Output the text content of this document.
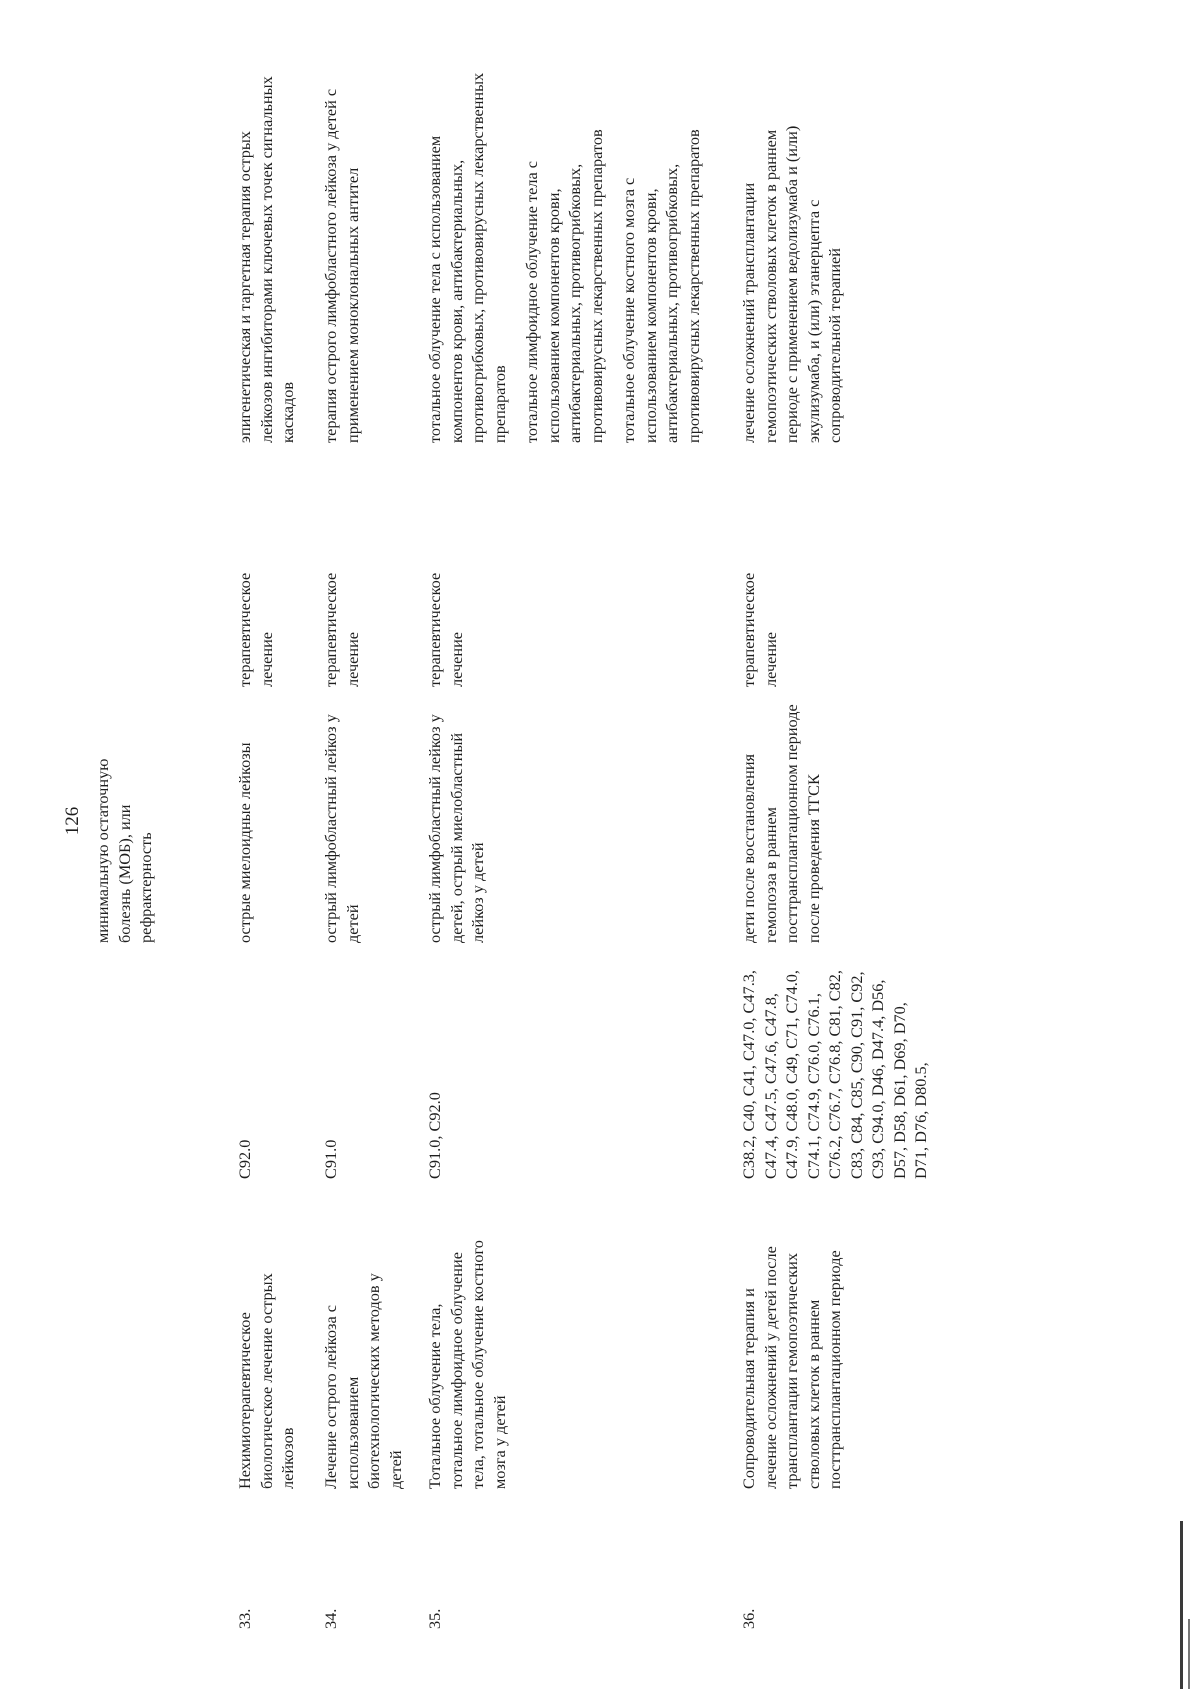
126 минимальную остаточную болезнь (МОБ), или рефрактерность
33.
Нехимиотерапевтическое биологическое лечение острых лейкозов
C92.0
острые миелоидные лейкозы
терапевтическое лечение

эпигенетическая и таргетная терапия острых лейкозов ингибиторами ключевых точек сигнальных каскадов

34.
Лечение острого лейкоза с использованием биотехнологических методов у детей
C91.0
острый лимфобластный лейкоз у детей
терапевтическое лечение

терапия острого лимфобластного лейкоза у детей с применением моноклональных антител

35.
Тотальное облучение тела, тотальное лимфоидное облучение тела, тотальное облучение костного мозга у детей
C91.0, C92.0
острый лимфобластный лейкоз у детей, острый миелобластный лейкоз у детей
терапевтическое лечение

тотальное облучение тела с использованием компонентов крови, антибактериальных, противогрибковых, противовирусных лекарственных препаратов тотальное лимфоидное облучение тела с использованием компонентов крови, антибактериальных, противогрибковых, противовирусных лекарственных препаратов тотальное облучение костного мозга с использованием компонентов крови, антибактериальных, противогрибковых, противовирусных лекарственных препаратов

36.
Сопроводительная терапия и лечение осложнений у детей после трансплантации гемопоэтических стволовых клеток в раннем посттрансплантационном периоде
C38.2, C40, C41, C47.0, C47.3, C47.4, C47.5, C47.6, C47.8, C47.9, C48.0, C49, C71, C74.0, C74.1, C74.9, C76.0, C76.1, C76.2, C76.7, C76.8, C81, C82, C83, C84, C85, C90, C91, C92, C93, C94.0, D46, D47.4, D56, D57, D58, D61, D69, D70, D71, D76, D80.5,
дети после восстановления гемопоэза в раннем посттрансплантационном периоде после проведения ТГСК
терапевтическое лечение

лечение осложнений трансплантации гемопоэтических стволовых клеток в раннем периоде с применением ведолизумаба и (или) экулизумаба, и (или) этанерцепта с сопроводительной терапией
